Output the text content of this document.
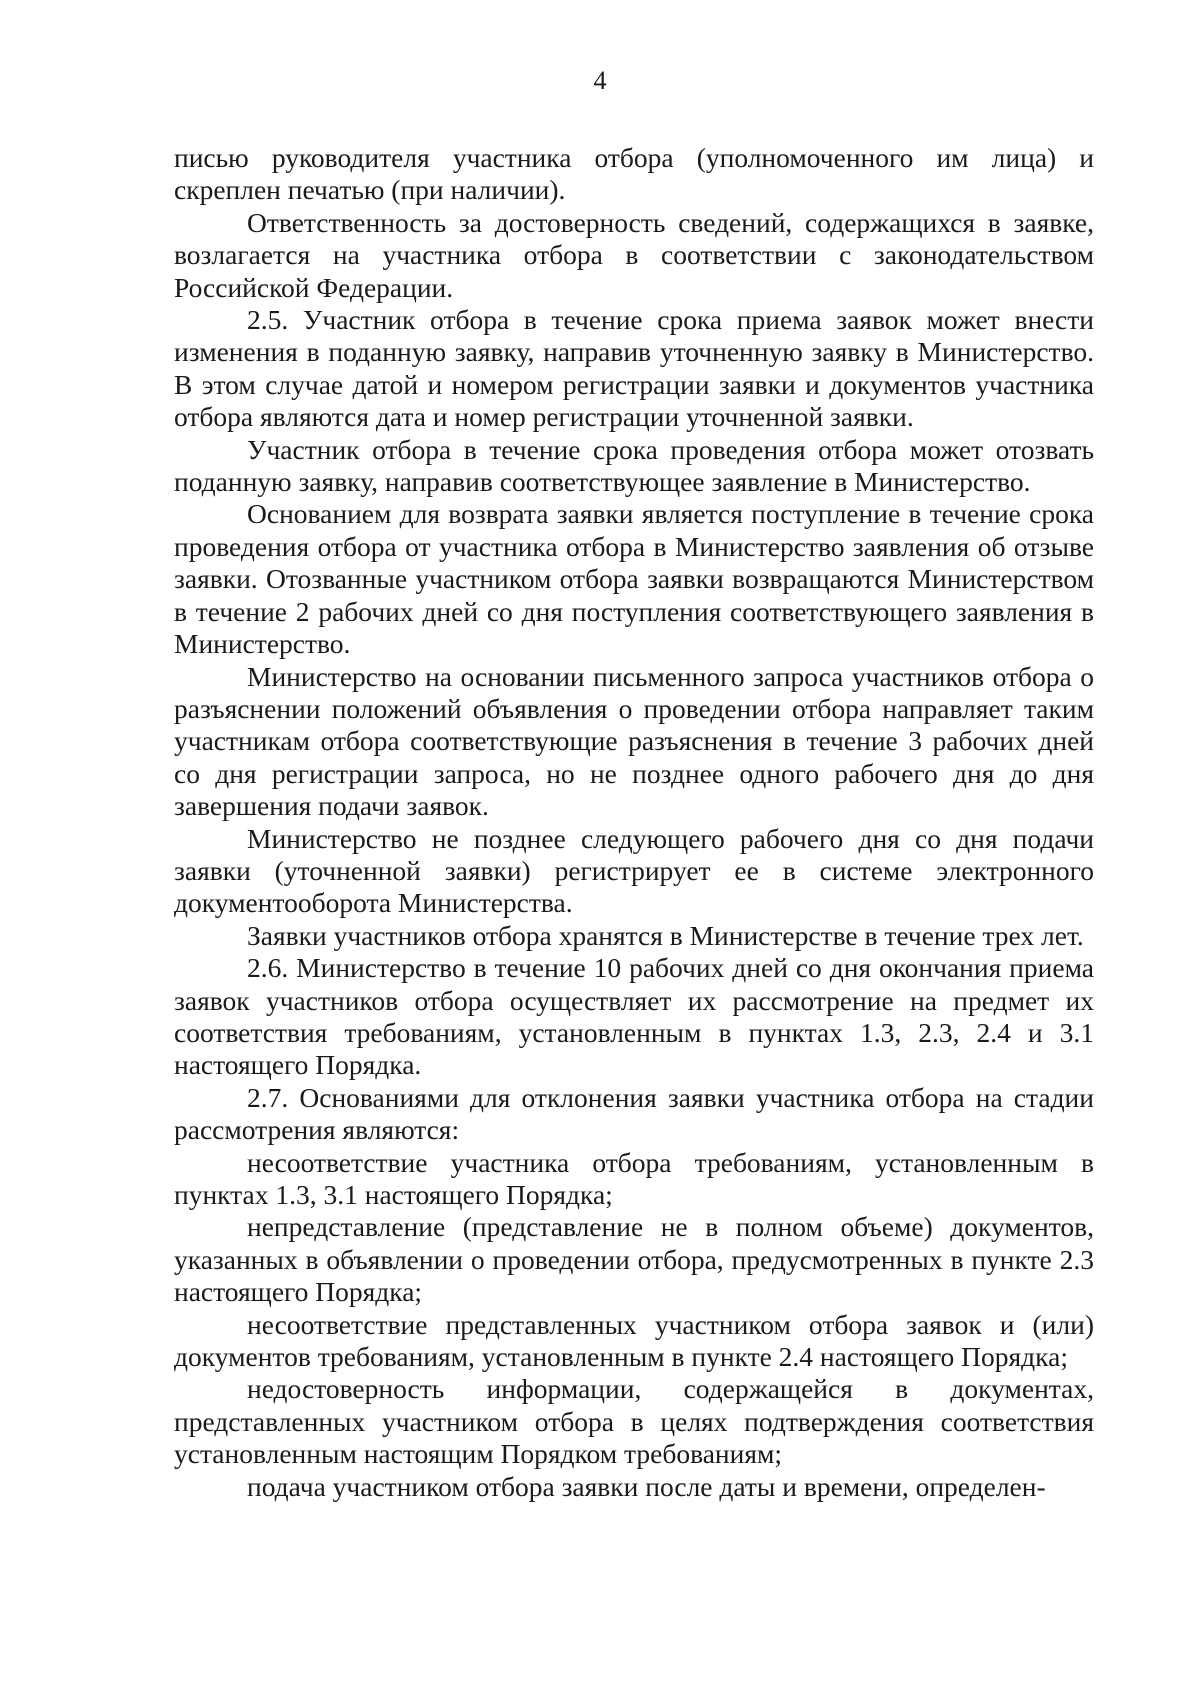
4

писью руководителя участника отбора (уполномоченного им лица) и скреплен печатью (при наличии).

Ответственность за достоверность сведений, содержащихся в заявке, возлагается на участника отбора в соответствии с законодательством Российской Федерации.

2.5. Участник отбора в течение срока приема заявок может внести изменения в поданную заявку, направив уточненную заявку в Министерство. В этом случае датой и номером регистрации заявки и документов участника отбора являются дата и номер регистрации уточненной заявки.

Участник отбора в течение срока проведения отбора может отозвать поданную заявку, направив соответствующее заявление в Министерство.

Основанием для возврата заявки является поступление в течение срока проведения отбора от участника отбора в Министерство заявления об отзыве заявки. Отозванные участником отбора заявки возвращаются Министерством в течение 2 рабочих дней со дня поступления соответствующего заявления в Министерство.

Министерство на основании письменного запроса участников отбора о разъяснении положений объявления о проведении отбора направляет таким участникам отбора соответствующие разъяснения в течение 3 рабочих дней со дня регистрации запроса, но не позднее одного рабочего дня до дня завершения подачи заявок.

Министерство не позднее следующего рабочего дня со дня подачи заявки (уточненной заявки) регистрирует ее в системе электронного документооборота Министерства.

Заявки участников отбора хранятся в Министерстве в течение трех лет.

2.6. Министерство в течение 10 рабочих дней со дня окончания приема заявок участников отбора осуществляет их рассмотрение на предмет их соответствия требованиям, установленным в пунктах 1.3, 2.3, 2.4 и 3.1 настоящего Порядка.

2.7. Основаниями для отклонения заявки участника отбора на стадии рассмотрения являются:

несоответствие участника отбора требованиям, установленным в пунктах 1.3, 3.1 настоящего Порядка;

непредставление (представление не в полном объеме) документов, указанных в объявлении о проведении отбора, предусмотренных в пункте 2.3 настоящего Порядка;

несоответствие представленных участником отбора заявок и (или) документов требованиям, установленным в пункте 2.4 настоящего Порядка;

недостоверность информации, содержащейся в документах, представленных участником отбора в целях подтверждения соответствия установленным настоящим Порядком требованиям;

подача участником отбора заявки после даты и времени, определен-
